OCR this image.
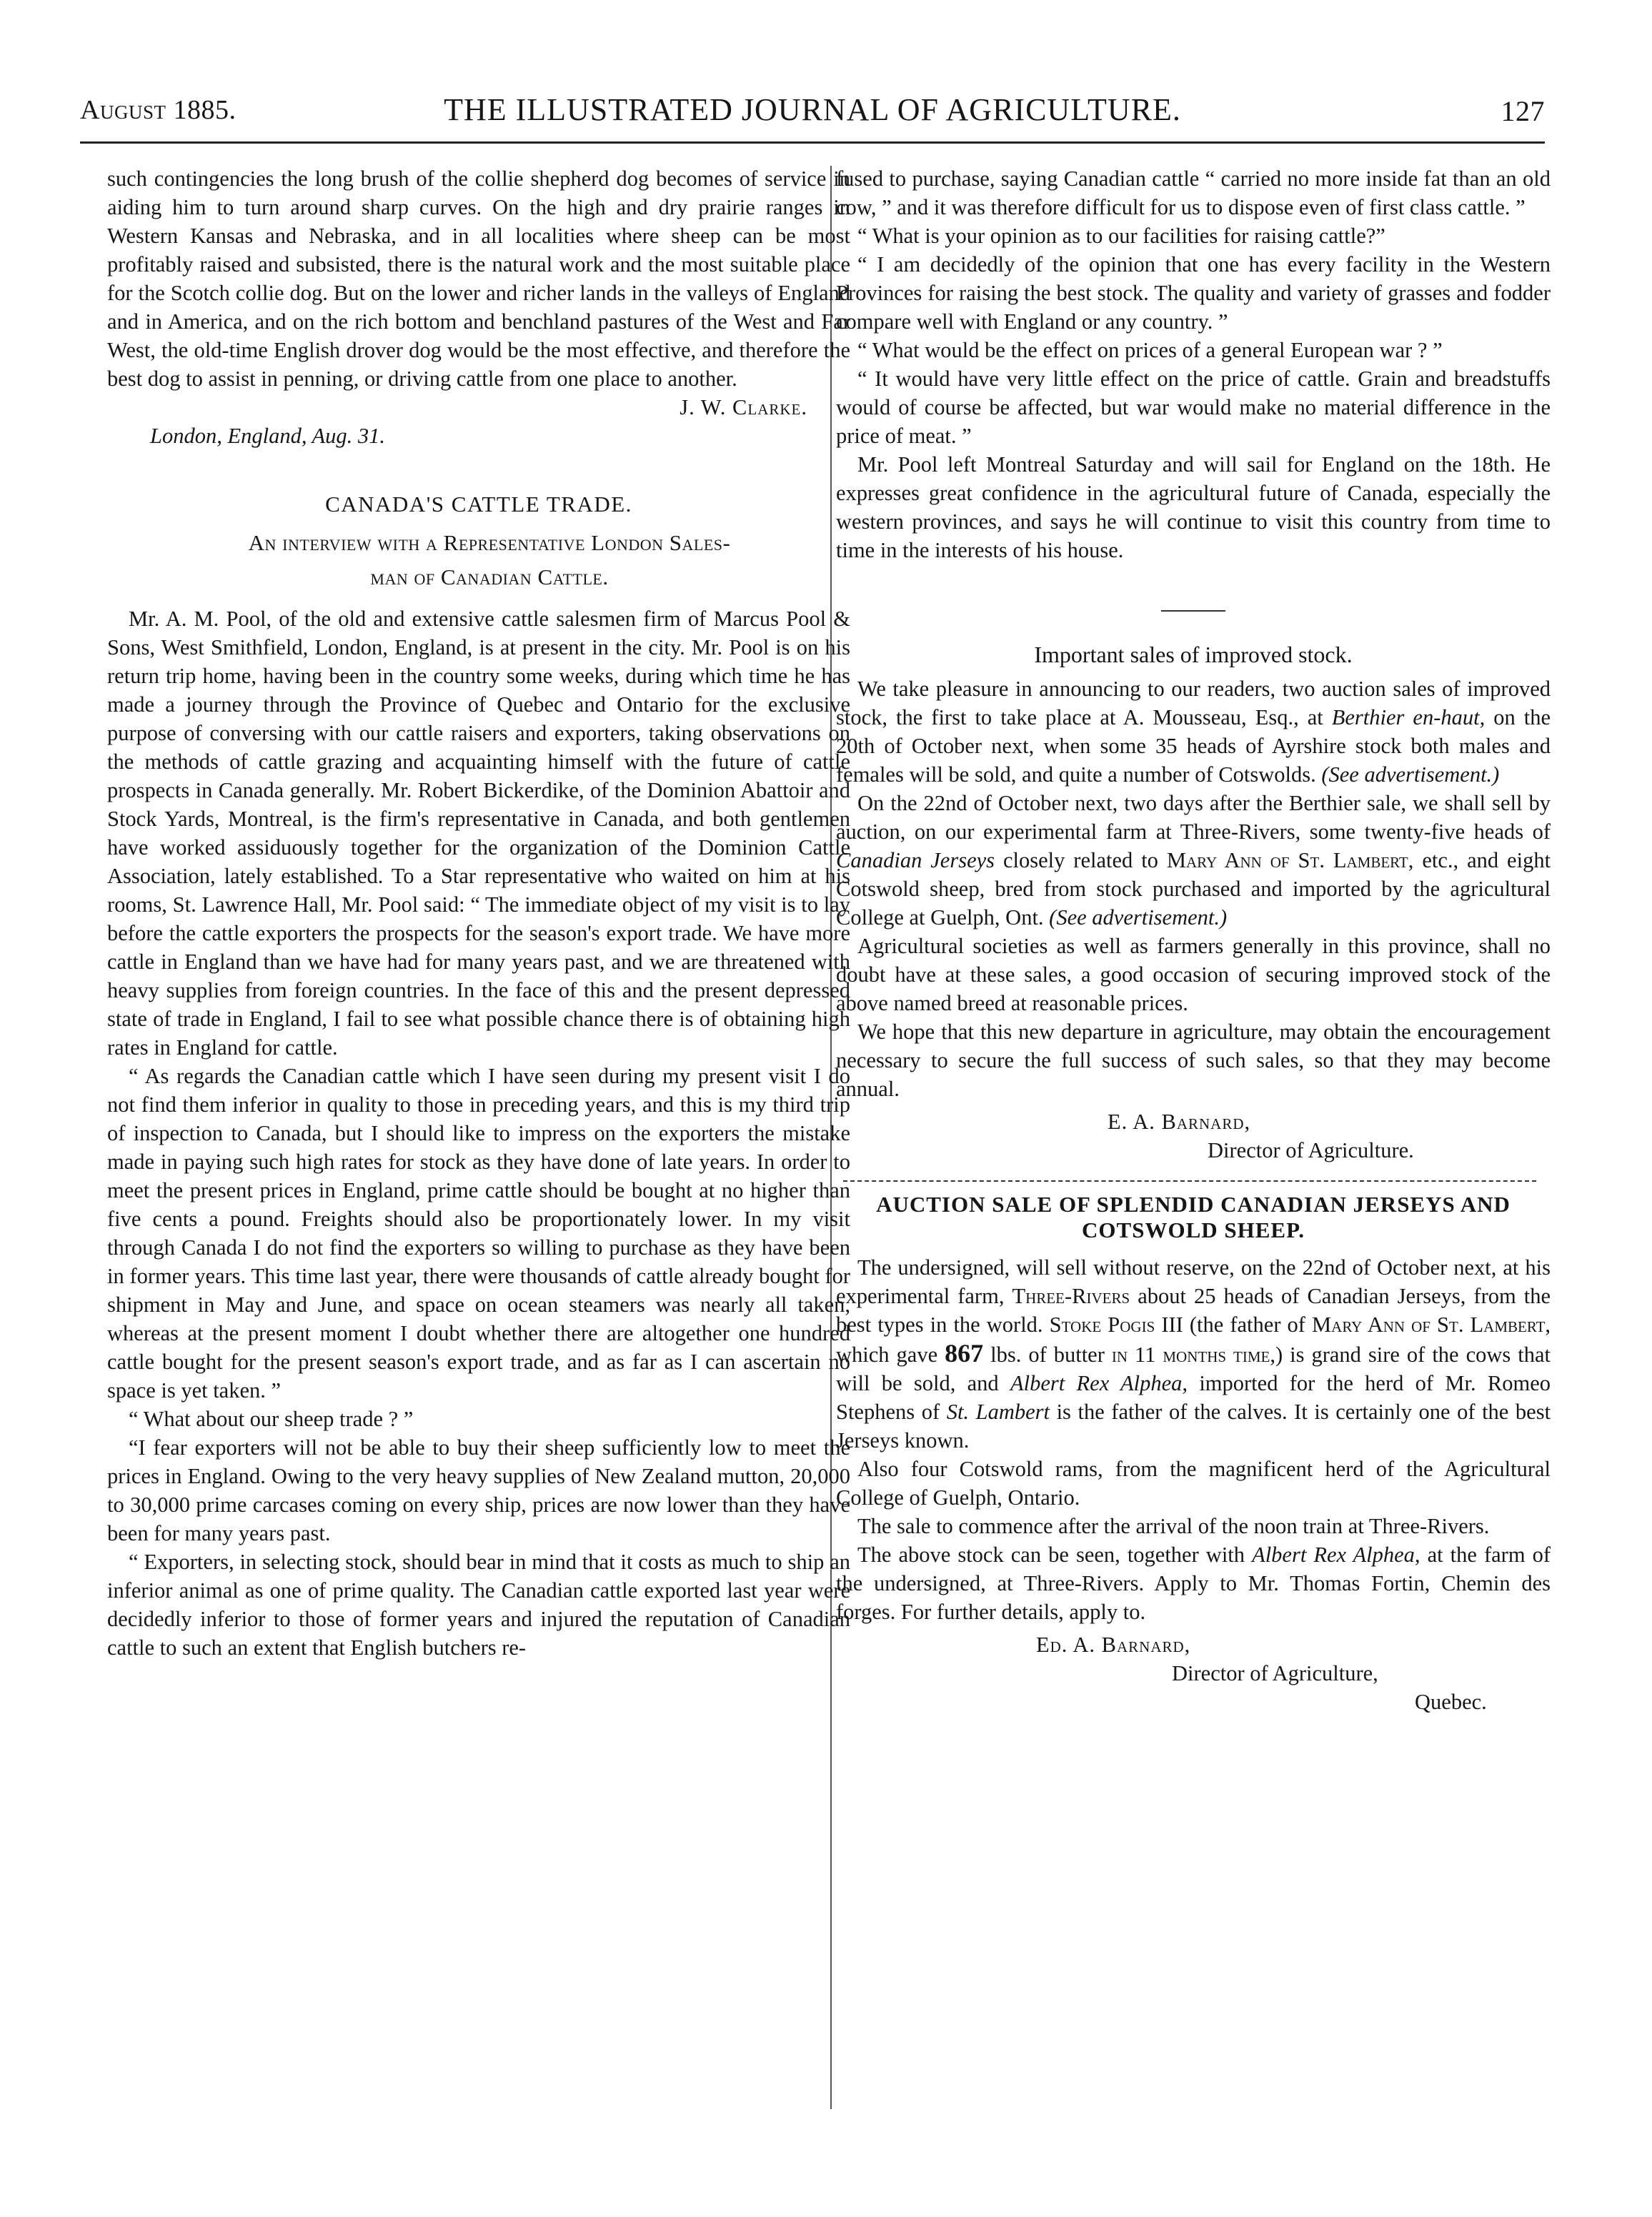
August 1885.	THE ILLUSTRATED JOURNAL OF AGRICULTURE.	127

such contingencies the long brush of the collie shepherd dog becomes of service in aiding him to turn around sharp curves. On the high and dry prairie ranges in Western Kansas and Nebraska, and in all localities where sheep can be most profitably raised and subsisted, there is the natural work and the most suitable place for the Scotch collie dog. But on the lower and richer lands in the valleys of England and in America, and on the rich bottom and benchland pastures of the West and Far West, the old-time English drover dog would be the most effective, and therefore the best dog to assist in penning, or driving cattle from one place to another.

J. W. Clarke.

London, England, Aug. 31.

CANADA'S CATTLE TRADE.

An interview with a Representative London Sales-

man of Canadian Cattle.

Mr. A. M. Pool, of the old and extensive cattle salesmen firm of Marcus Pool & Sons, West Smithfield, London, England, is at present in the city. Mr. Pool is on his return trip home, having been in the country some weeks, during which time he has made a journey through the Province of Quebec and Ontario for the exclusive purpose of conversing with our cattle raisers and exporters, taking observations on the methods of cattle grazing and acquainting himself with the future of cattle prospects in Canada generally. Mr. Robert Bickerdike, of the Dominion Abattoir and Stock Yards, Montreal, is the firm's representative in Canada, and both gentlemen have worked assiduously together for the organization of the Dominion Cattle Association, lately established. To a Star representative who waited on him at his rooms, St. Lawrence Hall, Mr. Pool said: “ The immediate object of my visit is to lay before the cattle exporters the prospects for the season's export trade. We have more cattle in England than we have had for many years past, and we are threatened with heavy supplies from foreign countries. In the face of this and the present depressed state of trade in England, I fail to see what possible chance there is of obtaining high rates in England for cattle.

“ As regards the Canadian cattle which I have seen during my present visit I do not find them inferior in quality to those in preceding years, and this is my third trip of inspection to Canada, but I should like to impress on the exporters the mistake made in paying such high rates for stock as they have done of late years. In order to meet the present prices in England, prime cattle should be bought at no higher than five cents a pound. Freights should also be proportionately lower. In my visit through Canada I do not find the exporters so willing to purchase as they have been in former years. This time last year, there were thousands of cattle already bought for shipment in May and June, and space on ocean steamers was nearly all taken, whereas at the present moment I doubt whether there are altogether one hundred cattle bought for the present season's export trade, and as far as I can ascertain no space is yet taken. ”

“ What about our sheep trade ? ”

“I fear exporters will not be able to buy their sheep sufficiently low to meet the prices in England. Owing to the very heavy supplies of New Zealand mutton, 20,000 to 30,000 prime carcases coming on every ship, prices are now lower than they have been for many years past.

“ Exporters, in selecting stock, should bear in mind that it costs as much to ship an inferior animal as one of prime quality. The Canadian cattle exported last year were decidedly inferior to those of former years and injured the reputation of Canadian cattle to such an extent that English butchers re-

fused to purchase, saying Canadian cattle “ carried no more inside fat than an old cow, ” and it was therefore difficult for us to dispose even of first class cattle. ”

“ What is your opinion as to our facilities for raising cattle?”

“ I am decidedly of the opinion that one has every facility in the Western Provinces for raising the best stock. The quality and variety of grasses and fodder compare well with England or any country. ”

“ What would be the effect on prices of a general European war ? ”

“ It would have very little effect on the price of cattle. Grain and breadstuffs would of course be affected, but war would make no material difference in the price of meat. ”

Mr. Pool left Montreal Saturday and will sail for England on the 18th. He expresses great confidence in the agricultural future of Canada, especially the western provinces, and says he will continue to visit this country from time to time in the interests of his house.

Important sales of improved stock.

We take pleasure in announcing to our readers, two auction sales of improved stock, the first to take place at A. Mousseau, Esq., at Berthier en-haut, on the 20th of October next, when some 35 heads of Ayrshire stock both males and females will be sold, and quite a number of Cotswolds. (See advertisement.)

On the 22nd of October next, two days after the Berthier sale, we shall sell by auction, on our experimental farm at Three-Rivers, some twenty-five heads of Canadian Jerseys closely related to Mary Ann of St. Lambert, etc., and eight Cotswold sheep, bred from stock purchased and imported by the agricultural College at Guelph, Ont. (See advertisement.)

Agricultural societies as well as farmers generally in this province, shall no doubt have at these sales, a good occasion of securing improved stock of the above named breed at reasonable prices.

We hope that this new departure in agriculture, may obtain the encouragement necessary to secure the full success of such sales, so that they may become annual.

E. A. Barnard,

Director of Agriculture.

AUCTION SALE OF SPLENDID CANADIAN JERSEYS AND COTSWOLD SHEEP.

The undersigned, will sell without reserve, on the 22nd of October next, at his experimental farm, Three-Rivers about 25 heads of Canadian Jerseys, from the best types in the world. Stoke Pogis III (the father of Mary Ann of St. Lambert, which gave 867 lbs. of butter in 11 months time,) is grand sire of the cows that will be sold, and Albert Rex Alphea, imported for the herd of Mr. Romeo Stephens of St. Lambert is the father of the calves. It is certainly one of the best Jerseys known.

Also four Cotswold rams, from the magnificent herd of the Agricultural College of Guelph, Ontario.

The sale to commence after the arrival of the noon train at Three-Rivers.

The above stock can be seen, together with Albert Rex Alphea, at the farm of the undersigned, at Three-Rivers. Apply to Mr. Thomas Fortin, Chemin des forges. For further details, apply to.

Ed. A. Barnard,

Director of Agriculture,

Quebec.
